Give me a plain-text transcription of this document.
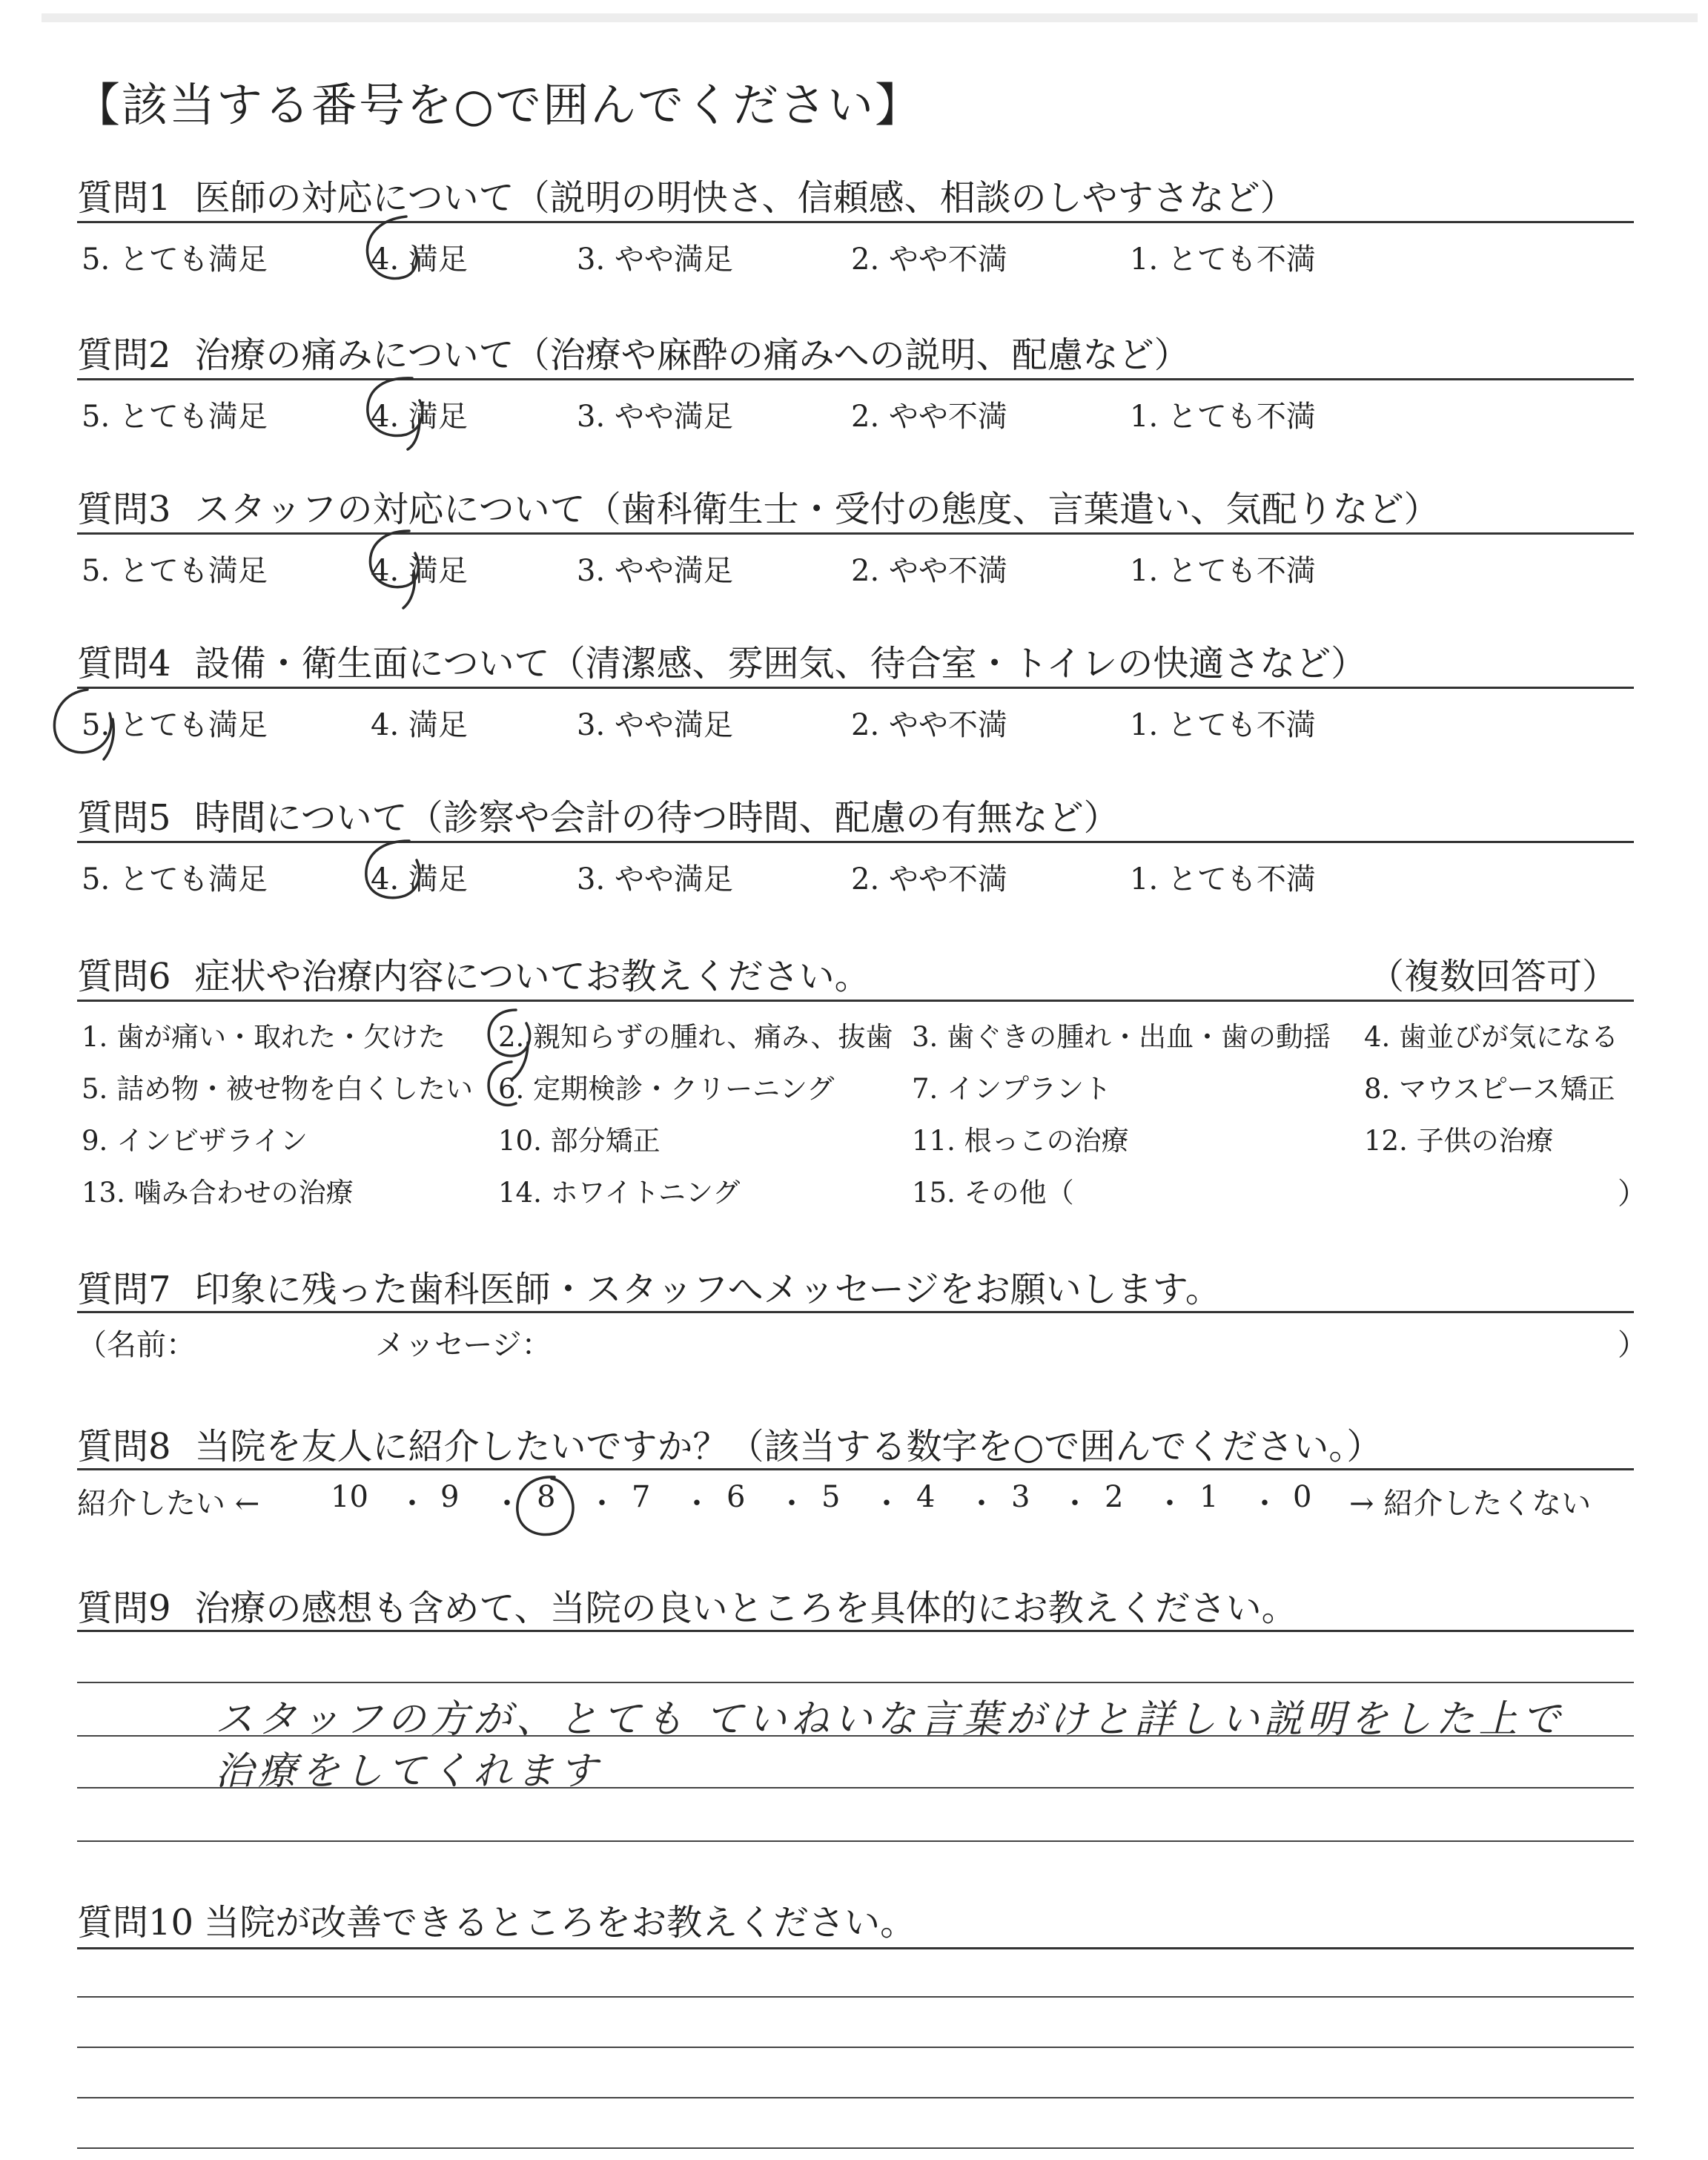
【該当する番号を○で囲んでください】
質問1 医師の対応について（説明の明快さ、信頼感、相談のしやすさなど）
5. とても満足	4. 満足	3. やや満足	2. やや不満	1. とても不満
質問2 治療の痛みについて（治療や麻酔の痛みへの説明、配慮など）
5. とても満足	4. 満足	3. やや満足	2. やや不満	1. とても不満
質問3 スタッフの対応について（歯科衛生士・受付の態度、言葉遣い、気配りなど）
5. とても満足	4. 満足	3. やや満足	2. やや不満	1. とても不満
質問4 設備・衛生面について（清潔感、雰囲気、待合室・トイレの快適さなど）
5. とても満足	4. 満足	3. やや満足	2. やや不満	1. とても不満
質問5 時間について（診察や会計の待つ時間、配慮の有無など）
5. とても満足	4. 満足	3. やや満足	2. やや不満	1. とても不満
質問6 症状や治療内容についてお教えください。	（複数回答可）
1. 歯が痛い・取れた・欠けた 2. 親知らずの腫れ、痛み、抜歯 3. 歯ぐきの腫れ・出血・歯の動揺 4. 歯並びが気になる
5. 詰め物・被せ物を白くしたい 6. 定期検診・クリーニング	7. インプラント	8. マウスピース矯正
9. インビザライン	10. 部分矯正	11. 根っこの治療	12. 子供の治療
13. 噛み合わせの治療	14. ホワイトニング	15. その他（	）
質問7 印象に残った歯科医師・スタッフへメッセージをお願いします。
（名前：	メッセージ：	）
質問8 当院を友人に紹介したいですか？（該当する数字を○で囲んでください。）
紹介したい ← 10 9	8	7	6	5	4	3	2	1	0 → 紹介したくない
・ ・ ・ ・ ・ ・ ・ ・ ・ ・
質問9 治療の感想も含めて、当院の良いところを具体的にお教えください。
スタッフの方が、とても ていねいな言葉がけと詳しい説明をした上で
治療をしてくれます
質問10 当院が改善できるところをお教えください。
